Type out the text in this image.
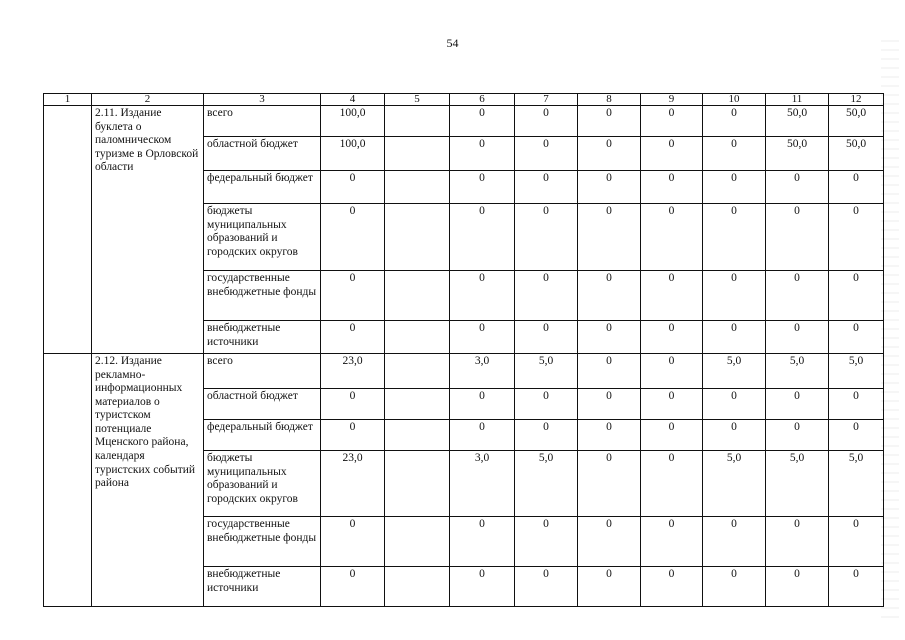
54
1	2	3	4	5	6	7	8	9	10	11	12
	2.11. Издание буклета о паломническом туризме в Орловской области	всего	100,0		0	0	0	0	0	50,0	50,0
		областной бюджет	100,0		0	0	0	0	0	50,0	50,0
		федеральный бюджет	0		0	0	0	0	0	0	0
		бюджеты муниципальных образований и городских округов	0		0	0	0	0	0	0	0
		государственные внебюджетные фонды	0		0	0	0	0	0	0	0
		внебюджетные источники	0		0	0	0	0	0	0	0
	2.12. Издание рекламно-информационных материалов о туристском потенциале Мценского района, календаря туристских событий района	всего	23,0		3,0	5,0	0	0	5,0	5,0	5,0
		областной бюджет	0		0	0	0	0	0	0	0
		федеральный бюджет	0		0	0	0	0	0	0	0
		бюджеты муниципальных образований и городских округов	23,0		3,0	5,0	0	0	5,0	5,0	5,0
		государственные внебюджетные фонды	0		0	0	0	0	0	0	0
		внебюджетные источники	0		0	0	0	0	0	0	0
